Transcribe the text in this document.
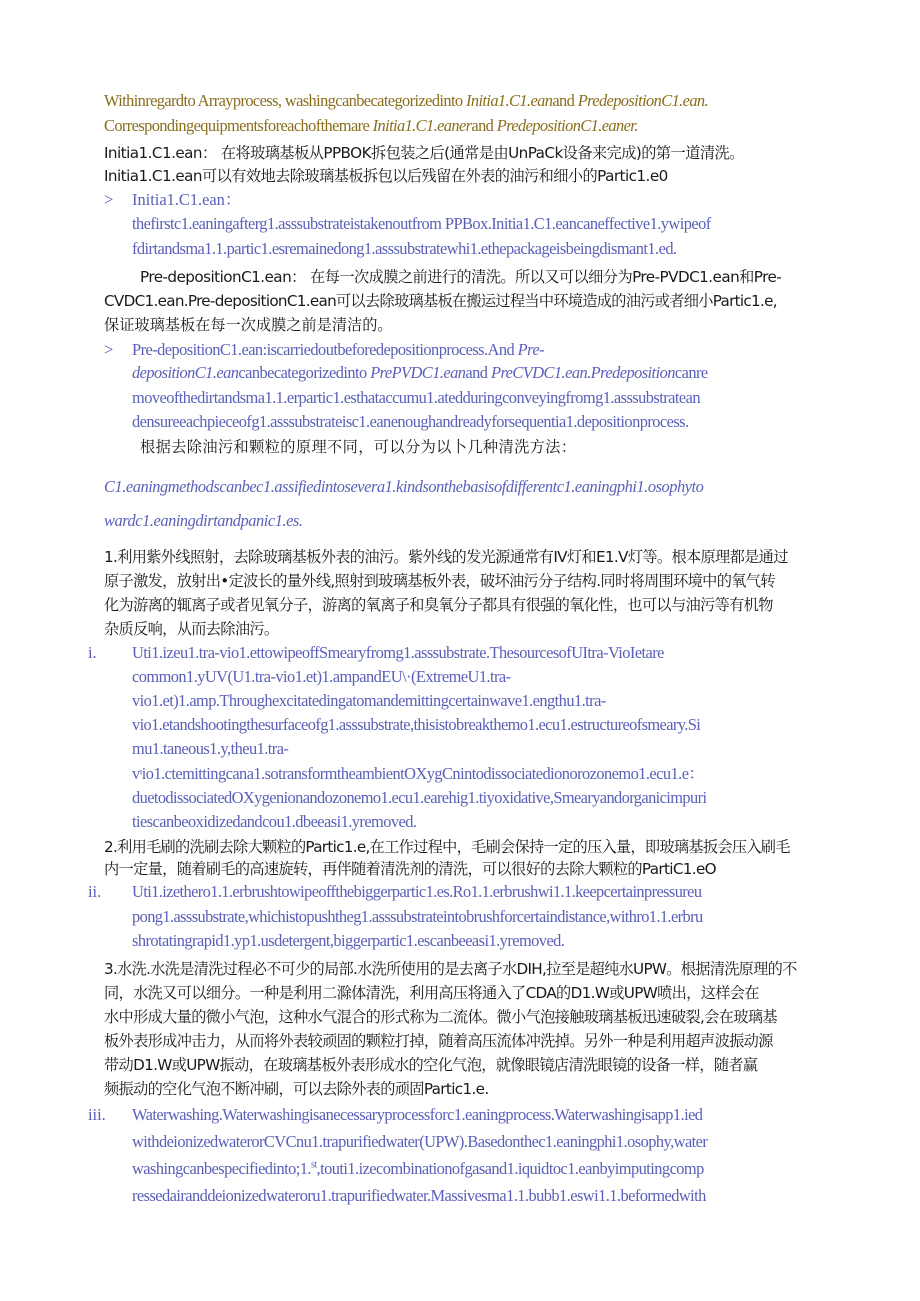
Withinregardto Arrayprocess, washingcanbecategorizedinto Initia1.C1.eanand PredepositionC1.ean.
Correspondingequipmentsforeachofthemare Initia1.C1.eanerand PredepositionC1.eaner.
Initia1.C1.ean： 在将玻璃基板从PPBOK拆包装之后(通常是由UnPaCk设备来完成)的第一道清洗。
Initia1.C1.ean可以有效地去除玻璃基板拆包以后残留在外表的油污和细小的Partic1.e0
> Initia1.C1.ean：
thefirstc1.eaningafterg1.asssubstrateistakenoutfrom PPBox.Initia1.C1.eancaneffective1.ywipeof
fdirtandsma1.1.partic1.esremainedong1.asssubstratewhi1.ethepackageisbeingdismant1.ed.
Pre-depositionC1.ean： 在每一次成膜之前进行的清洗。所以又可以细分为Pre-PVDC1.ean和Pre-
CVDC1.ean.Pre-depositionC1.ean可以去除玻璃基板在搬运过程当中环境造成的油污或者细小Partic1.e,
保证玻璃基板在每一次成膜之前是清洁的。
> Pre-depositionC1.ean:iscarriedoutbeforedepositionprocess.And Pre-
depositionC1.eancanbecategorizedinto PrePVDC1.eanand PreCVDC1.ean.Predepositioncanre
moveofthedirtandsma1.1.erpartic1.esthataccumu1.atedduringconveyingfromg1.asssubstratean
densureeachpieceofg1.asssubstrateisc1.eanenoughandreadyforsequentia1.depositionprocess.
根据去除油污和颗粒的原理不同，可以分为以卜几种清洗方法：
C1.eaningmethodscanbec1.assifiedintosevera1.kindsonthebasisofdifferentc1.eaningphi1.osophyto
wardc1.eaningdirtandpanic1.es.
1.利用紫外线照射，去除玻璃基板外表的油污。紫外线的发光源通常有IV灯和E1.V灯等。根本原理都是通过
原子激发，放射出•定波长的量外线,照射到玻璃基板外表，破坏油污分子结构.同时将周围环境中的氧气转
化为游离的辄离子或者见氧分子，游离的氧离子和臭氧分子都具有很强的氧化性，也可以与油污等有机物
杂质反响，从而去除油污。
i. Uti1.izeu1.tra-vio1.ettowipeoffSmearyfromg1.asssubstrate.ThesourcesofUItra-VioIetare
common1.yUV(U1.tra-vio1.et)1.ampandEU\·(ExtremeU1.tra-
vio1.et)1.amp.Throughexcitatedingatomandemittingcertainwave1.engthu1.tra-
vio1.etandshootingthesurfaceofg1.asssubstrate,thisistobreakthemo1.ecu1.estructureofsmeary.Si
mu1.taneous1.y,theu1.tra-
vᶦio1.ctemittingcana1.sotransformtheambientOXygCnintodissociatedionorozonemo1.ecu1.e：
duetodissociatedOXygenionandozonemo1.ecu1.earehig1.tiyoxidative,Smearyandorganicimpuri
tiescanbeoxidizedandcou1.dbeeasi1.yremoved.
2.利用毛刷的洗刷去除大颗粒的Partic1.e,在工作过程中，毛刷会保持一定的压入量，即玻璃基扳会压入刷毛
内一定量，随着刷毛的高速旋转，再伴随着清洗剂的清洗，可以很好的去除大颗粒的PartiC1.eO
ii. Uti1.izethero1.1.erbrushtowipeoffthebiggerpartic1.es.Ro1.1.erbrushwi1.1.keepcertainpressureu
pong1.asssubstrate,whichistopushtheg1.asssubstrateintobrushforcertaindistance,withro1.1.erbru
shrotatingrapid1.yp1.usdetergent,biggerpartic1.escanbeeasi1.yremoved.
3.水洗.水洗是清洗过程必不可少的局部.水洗所使用的是去离子水DIH,拉至是超纯水UPW。根据清洗原理的不
同，水洗又可以细分。一种是利用二滁体清洗，利用高压将通入了CDA的D1.W或UPW喷出，这样会在
水中形成大量的微小气泡，这种水气混合的形式称为二流体。微小气泡接触玻璃基板迅速破裂,会在玻璃基
板外表形成冲击力，从而将外表较顽固的颗粒打掉，随着高压流体冲洗掉。另外一种是利用超声波振动源
带动D1.W或UPW振动，在玻璃基板外表形成水的空化气泡，就像眼镜店清洗眼镜的设备一样，随者赢
频振动的空化气泡不断冲刷，可以去除外表的顽固Partic1.e.
iii. Waterwashing.Waterwashingisanecessaryprocessforc1.eaningprocess.Waterwashingisapp1.ied
withdeionizedwaterorCVCnu1.trapurifiedwater(UPW).Basedonthec1.eaningphi1.osophy,water
washingcanbespecifiedinto;1.$^{st}$,touti1.izecombinationofgasand1.iquidtoc1.eanbyimputingcomp
ressedairanddeionizedwateroru1.trapurifiedwater.Massivesma1.1.bubb1.eswi1.1.beformedwith
